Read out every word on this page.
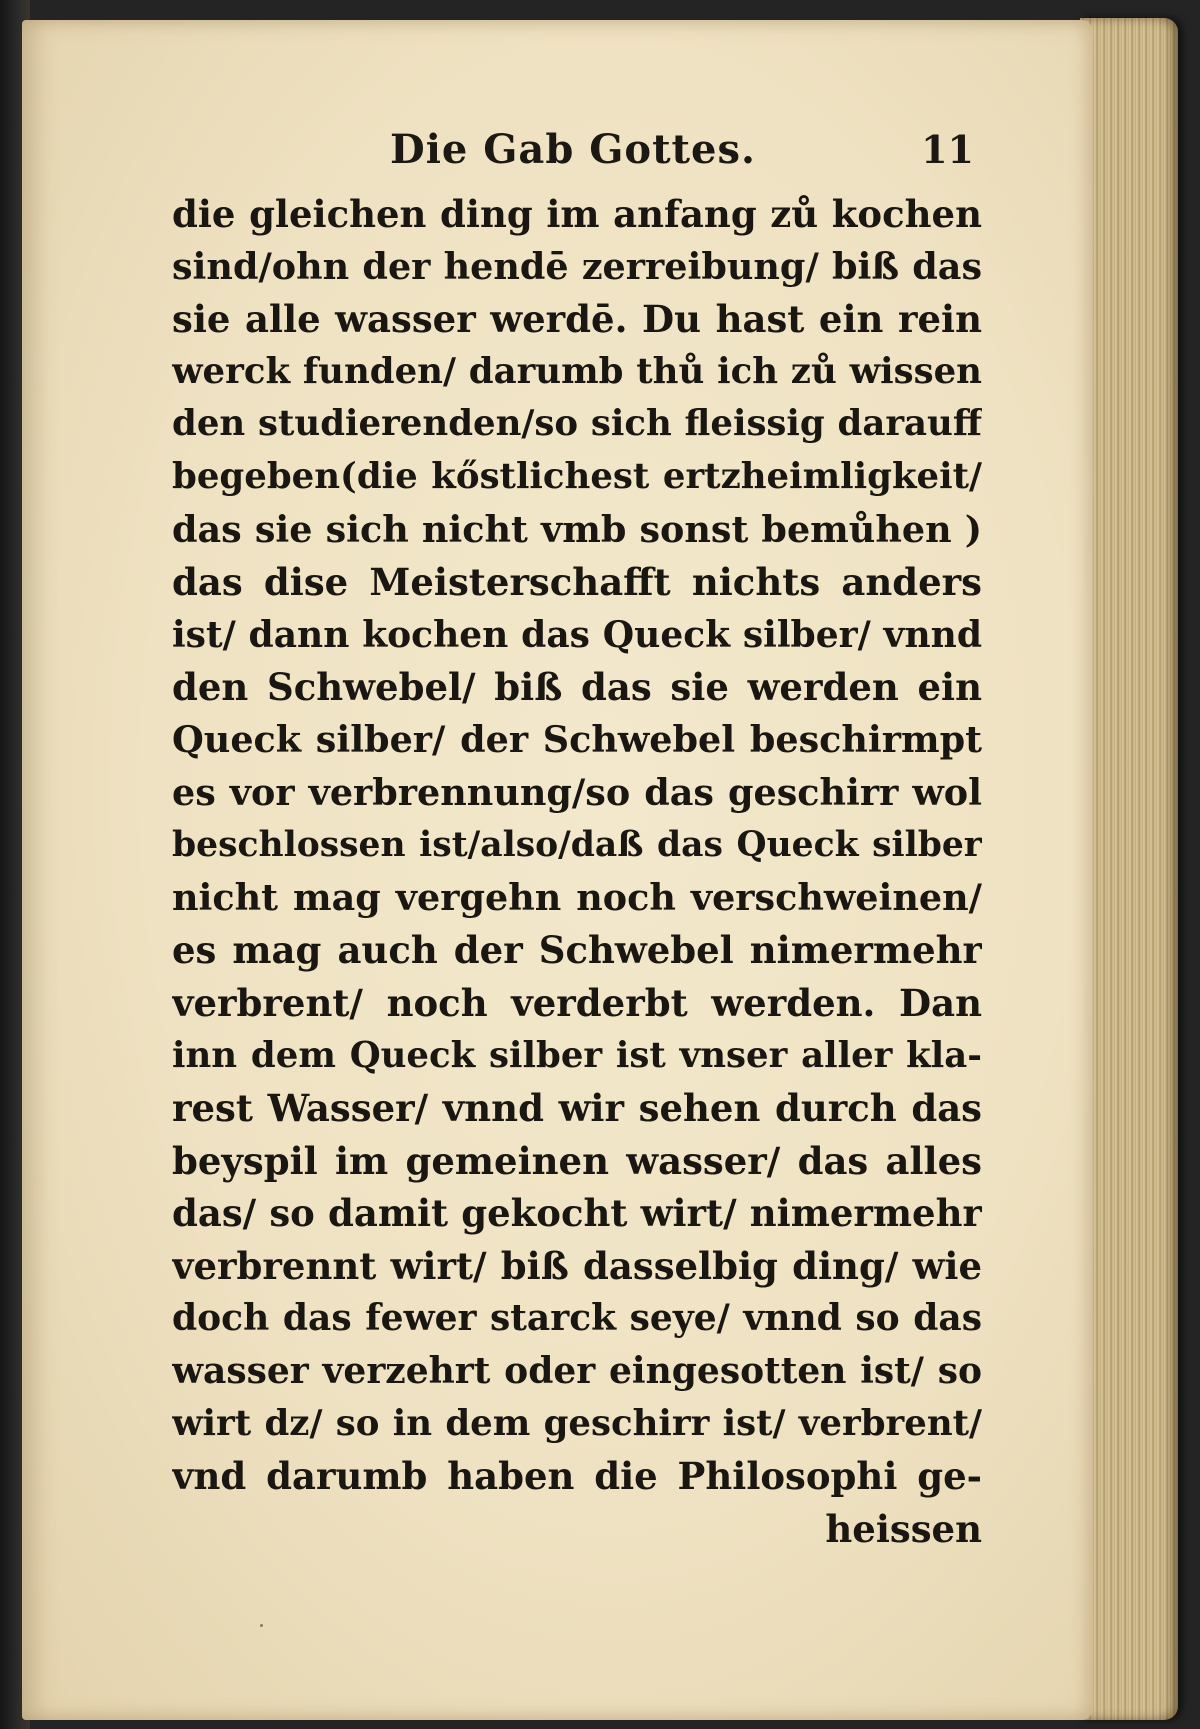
Die Gab Gottes.	11
die gleichen ding im anfang zů kochen
sind/ohn der hendē zerreibung/ biß das
sie alle wasser werdē. Du hast ein rein
werck funden/ darumb thů ich zů wissen
den studierenden/so sich fleissig darauff
begeben(die kőstlichest ertzheimligkeit/
das sie sich nicht vmb sonst bemůhen )
das dise Meisterschafft nichts anders
ist/ dann kochen das Queck silber/ vnnd
den Schwebel/ biß das sie werden ein
Queck silber/ der Schwebel beschirmpt
es vor verbrennung/so das geschirr wol
beschlossen ist/also/daß das Queck silber
nicht mag vergehn noch verschweinen/
es mag auch der Schwebel nimermehr
verbrent/ noch verderbt werden. Dan
inn dem Queck silber ist vnser aller kla-
rest Wasser/ vnnd wir sehen durch das
beyspil im gemeinen wasser/ das alles
das/ so damit gekocht wirt/ nimermehr
verbrennt wirt/ biß dasselbig ding/ wie
doch das fewer starck seye/ vnnd so das
wasser verzehrt oder eingesotten ist/ so
wirt dz/ so in dem geschirr ist/ verbrent/
vnd darumb haben die Philosophi ge-
heissen
